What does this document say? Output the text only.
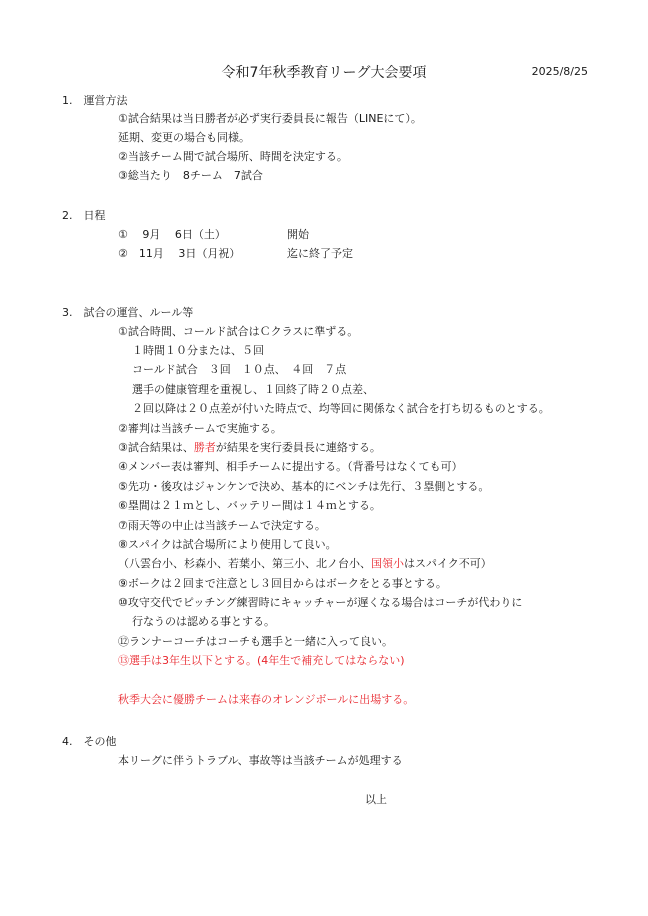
令和7年秋季教育リーグ大会要項	2025/8/25
1.　運営方法
①試合結果は当日勝者が必ず実行委員長に報告（LINEにて）。
延期、変更の場合も同様。
②当該チーム間で試合場所、時間を決定する。
③総当たり　8チーム　7試合
2.　日程
①　 9月　 6日（土）	開始
②　11月　 3日（月祝）	迄に終了予定
3.　試合の運営、ルール等
①試合時間、コールド試合はＣクラスに準ずる。
１時間１０分または、５回
コールド試合　３回　１０点、　４回　７点
選手の健康管理を重視し、１回終了時２０点差、
２回以降は２０点差が付いた時点で、均等回に関係なく試合を打ち切るものとする。
②審判は当該チームで実施する。
③試合結果は、勝者が結果を実行委員長に連絡する。
④メンバー表は審判、相手チームに提出する。（背番号はなくても可）
⑤先功・後攻はジャンケンで決め、基本的にベンチは先行、３塁側とする。
⑥塁間は２１ｍとし、バッテリー間は１４ｍとする。
⑦雨天等の中止は当該チームで決定する。
⑧スパイクは試合場所により使用して良い。
（八雲台小、杉森小、若葉小、第三小、北ノ台小、国領小はスパイク不可）
⑨ボークは２回まで注意とし３回目からはボークをとる事とする。
⑩攻守交代でピッチング練習時にキャッチャーが遅くなる場合はコーチが代わりに
行なうのは認める事とする。
⑫ランナーコーチはコーチも選手と一緒に入って良い。
⑬選手は3年生以下とする。(4年生で補充してはならない)
秋季大会に優勝チームは来春のオレンジボールに出場する。
4.　その他
本リーグに伴うトラブル、事故等は当該チームが処理する
以上
